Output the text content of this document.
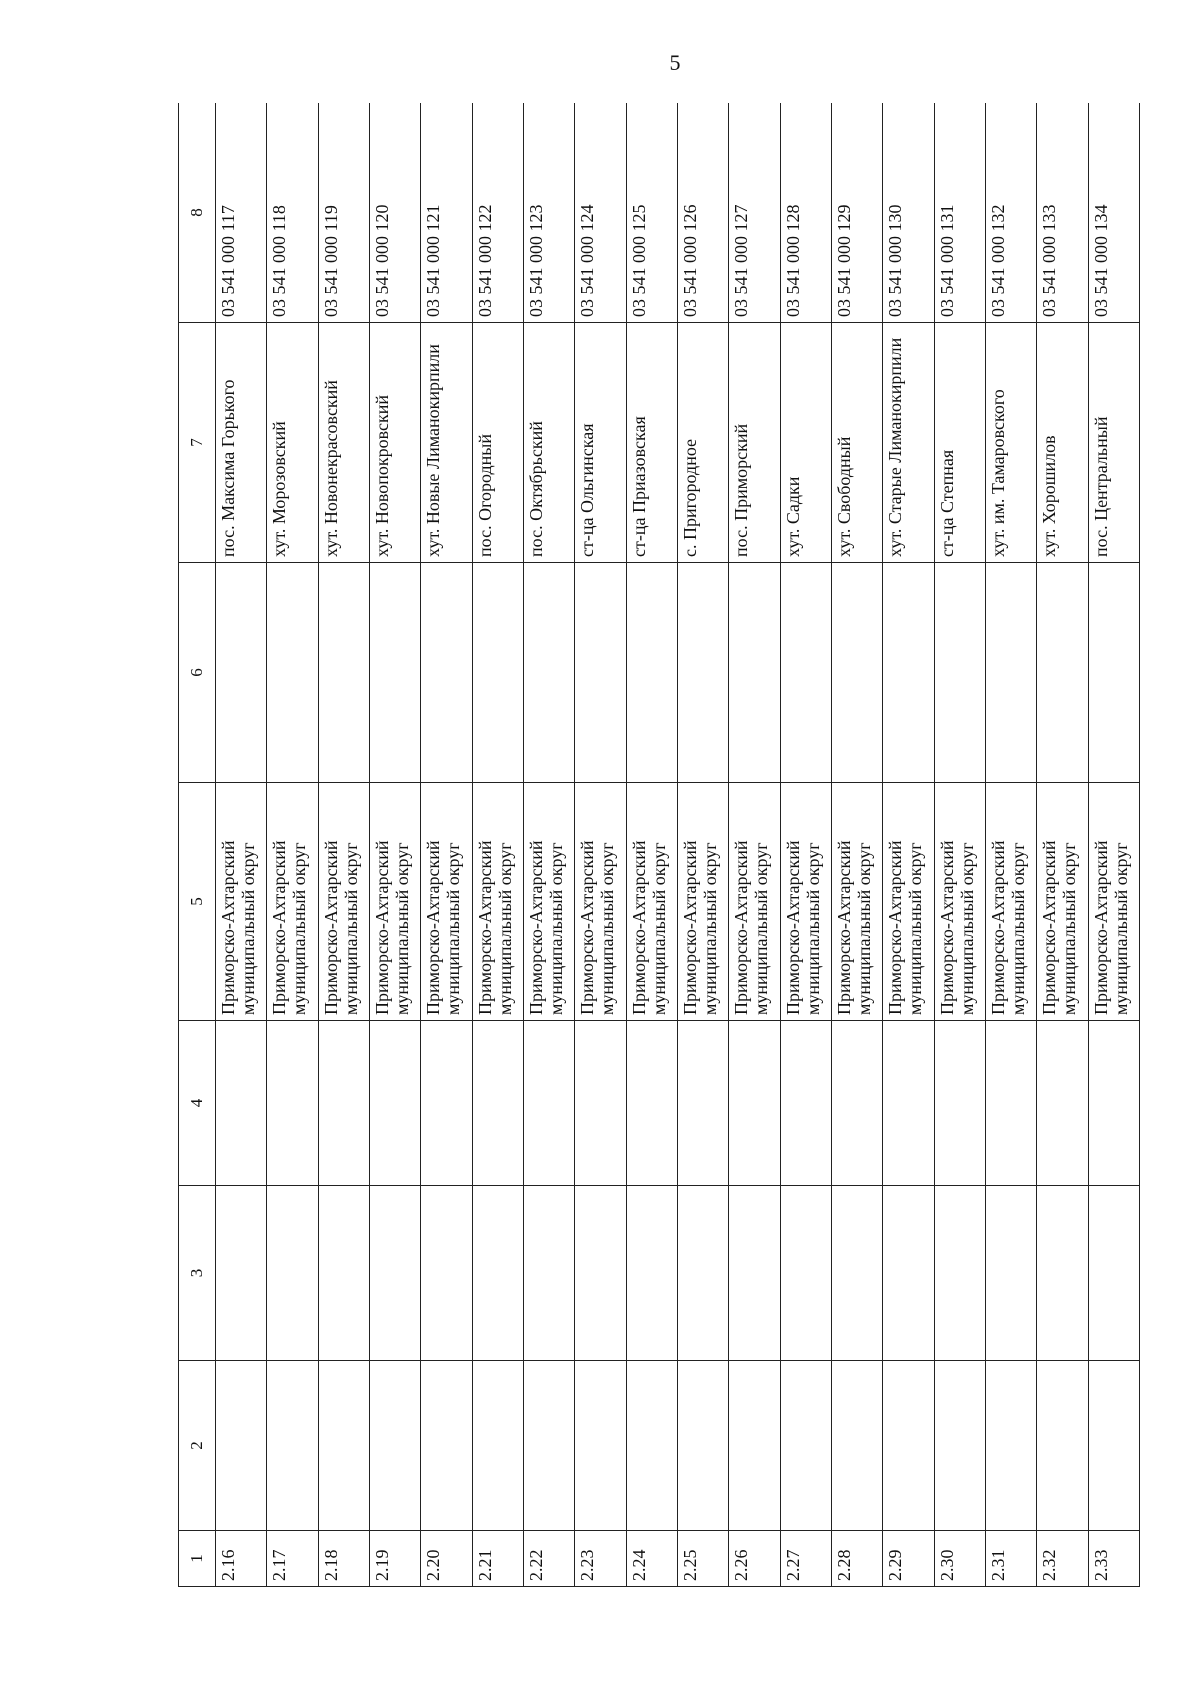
5
1	2	3	4	5	6	7	8
2.16				Приморско-Ахтарский муниципальный округ		пос. Максима Горького	03 541 000 117
2.17				Приморско-Ахтарский муниципальный округ		хут. Морозовский	03 541 000 118
2.18				Приморско-Ахтарский муниципальный округ		хут. Новонекрасовский	03 541 000 119
2.19				Приморско-Ахтарский муниципальный округ		хут. Новопокровский	03 541 000 120
2.20				Приморско-Ахтарский муниципальный округ		хут. Новые Лиманокирпили	03 541 000 121
2.21				Приморско-Ахтарский муниципальный округ		пос. Огородный	03 541 000 122
2.22				Приморско-Ахтарский муниципальный округ		пос. Октябрьский	03 541 000 123
2.23				Приморско-Ахтарский муниципальный округ		ст-ца Ольгинская	03 541 000 124
2.24				Приморско-Ахтарский муниципальный округ		ст-ца Приазовская	03 541 000 125
2.25				Приморско-Ахтарский муниципальный округ		с. Пригородное	03 541 000 126
2.26				Приморско-Ахтарский муниципальный округ		пос. Приморский	03 541 000 127
2.27				Приморско-Ахтарский муниципальный округ		хут. Садки	03 541 000 128
2.28				Приморско-Ахтарский муниципальный округ		хут. Свободный	03 541 000 129
2.29				Приморско-Ахтарский муниципальный округ		хут. Старые Лиманокирпили	03 541 000 130
2.30				Приморско-Ахтарский муниципальный округ		ст-ца Степная	03 541 000 131
2.31				Приморско-Ахтарский муниципальный округ		хут. им. Тамаровского	03 541 000 132
2.32				Приморско-Ахтарский муниципальный округ		хут. Хорошилов	03 541 000 133
2.33				Приморско-Ахтарский муниципальный округ		пос. Центральный	03 541 000 134
